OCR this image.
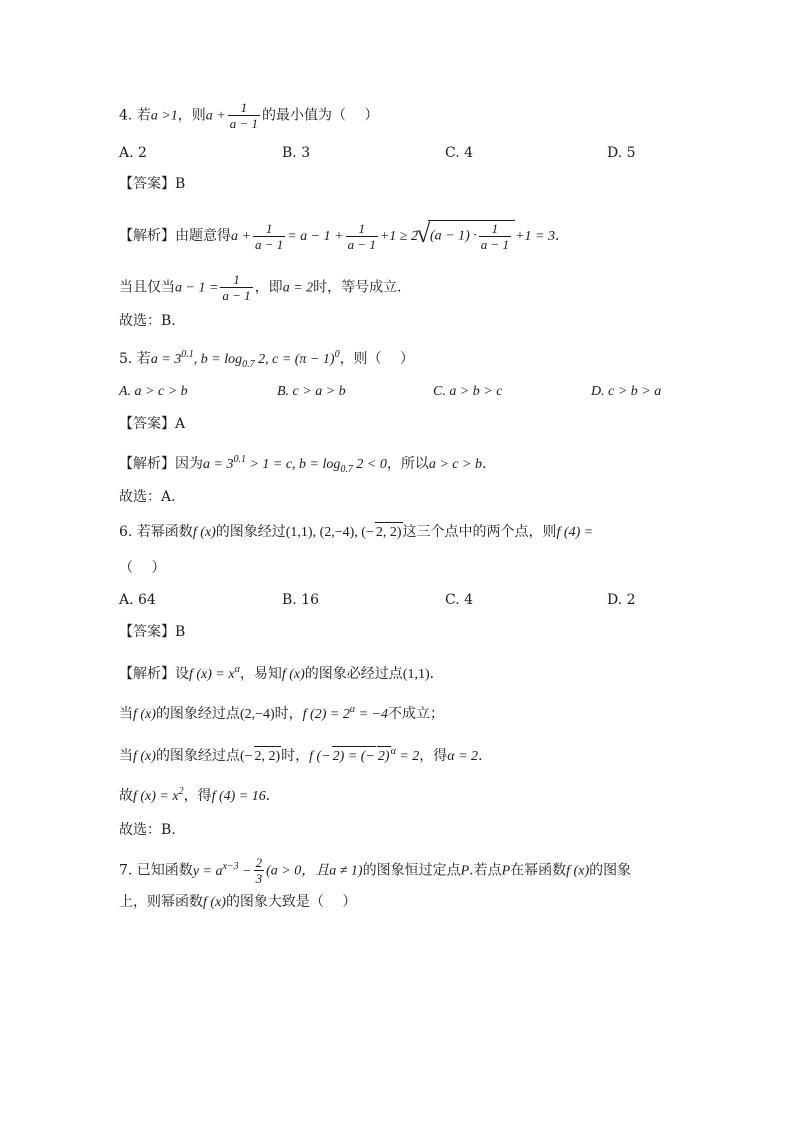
4. 若a >1，则$a + \frac{1}{a - 1}$ 的最小值为（　 ）
A. 2	B. 3	C. 4	D. 5
【答案】B
【解析】由题意得$a + \frac{1}{a - 1} = a - 1 + \frac{1}{a - 1} +1 \ge 2√$ $(a - 1) \cdot \frac{1}{a - 1} +1 = 3$．
当且仅当$a - 1 = \frac{1}{a - 1}$ ，即a = 2时，等号成立．
故选：B.
5. 若$a = 3^{0.1}$, $b = \log_{0.7} 2$, $c = (\pi - 1)^0$，则（　 ）
A. a > c > b	B. c > a > b	C. a > b > c	D. c > b > a
【答案】A
【解析】因为$a = 3^{0.1} > 1 = c$, $b = \log_{0.7} 2 < 0$，所以a > c > b．
故选：A.
6. 若幂函数f (x)的图象经过(1,1), (2,−4), (− 2, 2)这三个点中的两个点，则f (4) =
（　 ）
A. 64	B. 16	C. 4	D. 2
【答案】B
【解析】设f $(x) = x^\alpha$，易知f (x)的图象必经过点(1,1)．
当f (x)的图象经过点(2,−4)时，f $(2) = 2^\alpha = -4$不成立；
当f (x)的图象经过点(− 2, 2)时，f (− 2) = (− 2)$^\alpha$ = 2，得α = 2．
故f $(x) = x^2$，得f (4) = 16．
故选：B.
7. 已知函数$y = a^{x-3} - \frac{2}{3} (a > 0$，且a ≠ 1)的图象恒过定点P.若点P在幂函数f (x)的图象
上，则幂函数f (x)的图象大致是（　 ）
